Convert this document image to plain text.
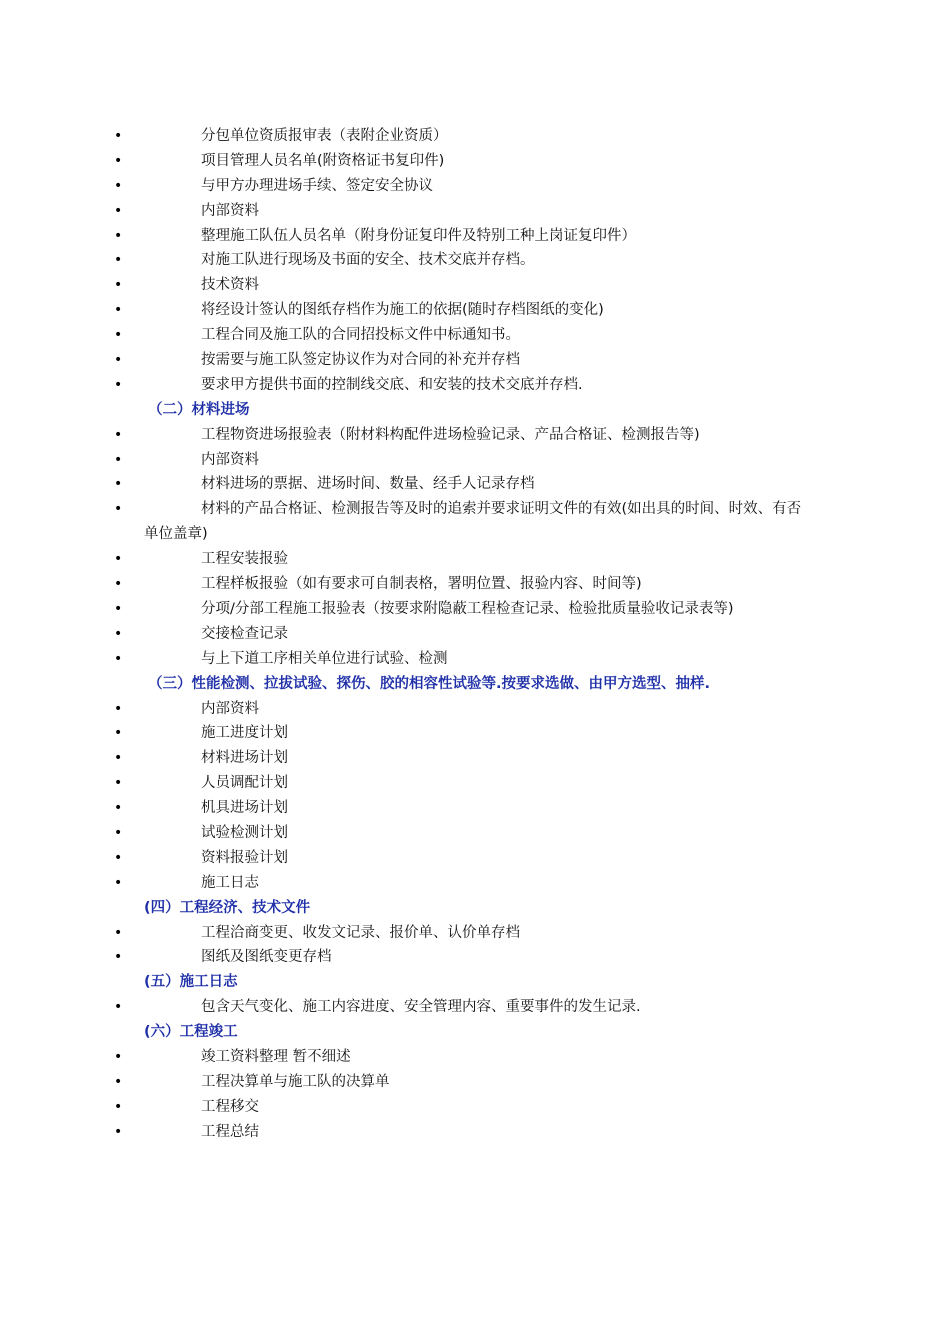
•	分包单位资质报审表（表附企业资质）
•	项目管理人员名单(附资格证书复印件)
•	与甲方办理进场手续、签定安全协议
•	内部资料
•	整理施工队伍人员名单（附身份证复印件及特别工种上岗证复印件）
•	对施工队进行现场及书面的安全、技术交底并存档。
•	技术资料
•	将经设计签认的图纸存档作为施工的依据(随时存档图纸的变化)
•	工程合同及施工队的合同招投标文件中标通知书。
•	按需要与施工队签定协议作为对合同的补充并存档
•	要求甲方提供书面的控制线交底、和安装的技术交底并存档.
（二）材料进场
•	工程物资进场报验表（附材料构配件进场检验记录、产品合格证、检测报告等)
•	内部资料
•	材料进场的票据、进场时间、数量、经手人记录存档
•	材料的产品合格证、检测报告等及时的追索并要求证明文件的有效(如出具的时间、时效、有否单位盖章)
•	工程安装报验
•	工程样板报验（如有要求可自制表格，署明位置、报验内容、时间等)
•	分项/分部工程施工报验表（按要求附隐蔽工程检查记录、检验批质量验收记录表等)
•	交接检查记录
•	与上下道工序相关单位进行试验、检测
（三）性能检测、拉拔试验、探伤、胶的相容性试验等.按要求选做、由甲方选型、抽样.
•	内部资料
•	施工进度计划
•	材料进场计划
•	人员调配计划
•	机具进场计划
•	试验检测计划
•	资料报验计划
•	施工日志
(四）工程经济、技术文件
•	工程洽商变更、收发文记录、报价单、认价单存档
•	图纸及图纸变更存档
(五）施工日志
•	包含天气变化、施工内容进度、安全管理内容、重要事件的发生记录.
(六）工程竣工
•	竣工资料整理 暂不细述
•	工程决算单与施工队的决算单
•	工程移交
•	工程总结
